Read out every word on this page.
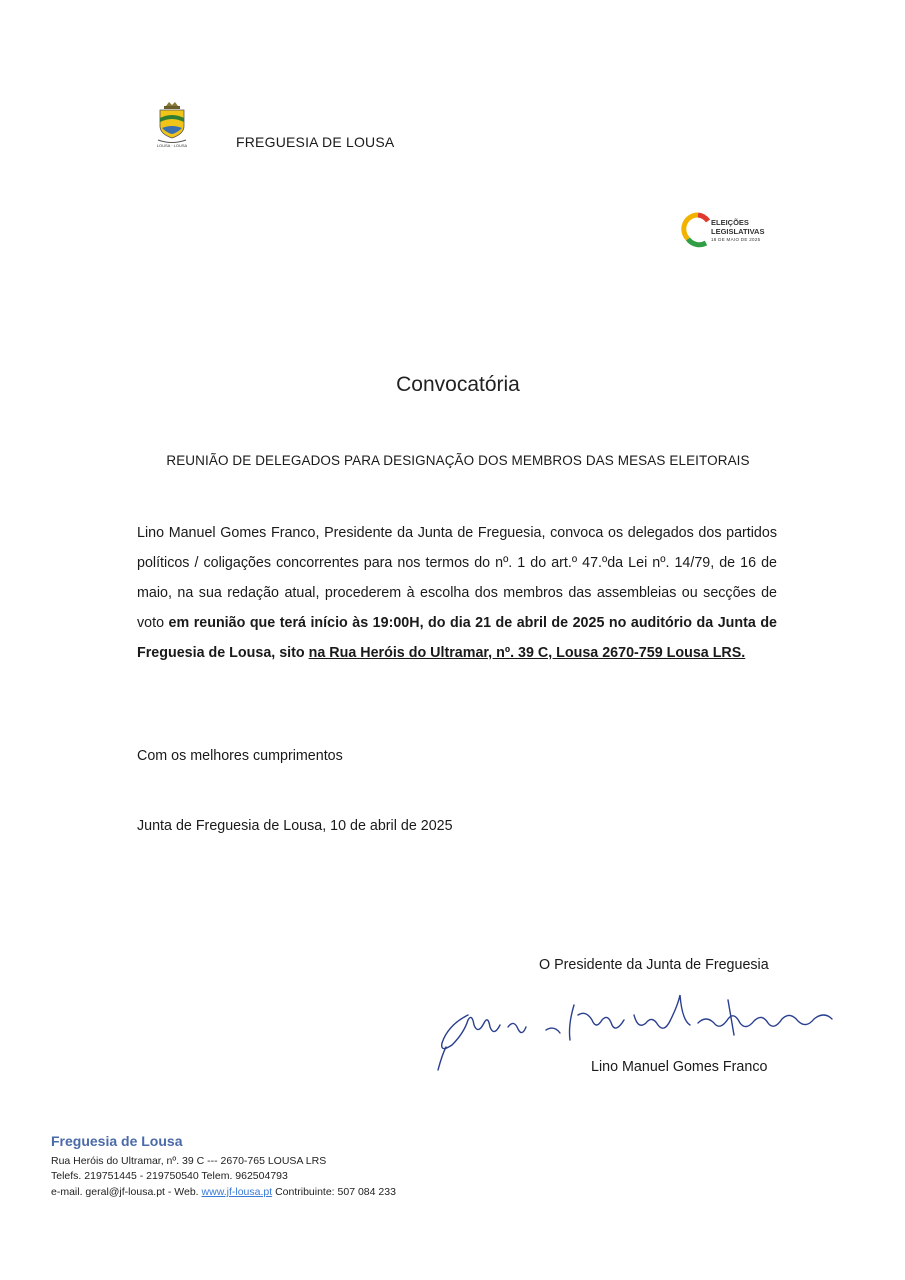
LOUSA · LOUSA	FREGUESIA DE LOUSA
ELEIÇÕES
LEGISLATIVAS
18 DE MAIO DE 2025
Convocatória
REUNIÃO DE DELEGADOS PARA DESIGNAÇÃO DOS MEMBROS DAS MESAS ELEITORAIS
Lino Manuel Gomes Franco, Presidente da Junta de Freguesia, convoca os delegados dos partidos políticos / coligações concorrentes para nos termos do nº. 1 do art.º 47.ºda Lei nº. 14/79, de 16 de maio, na sua redação atual, procederem à escolha dos membros das assembleias ou secções de voto em reunião que terá início às 19:00H, do dia 21 de abril de 2025 no auditório da Junta de Freguesia de Lousa, sito na Rua Heróis do Ultramar, nº. 39 C, Lousa 2670-759 Lousa LRS.
Com os melhores cumprimentos
Junta de Freguesia de Lousa, 10 de abril de 2025
O Presidente da Junta de Freguesia
Lino Manuel Gomes Franco
Freguesia de Lousa
Rua Heróis do Ultramar, nº. 39 C --- 2670-765 LOUSA LRS
Telefs. 219751445 - 219750540 Telem. 962504793
e-mail. geral@jf-lousa.pt - Web. www.jf-lousa.pt Contribuinte: 507 084 233
